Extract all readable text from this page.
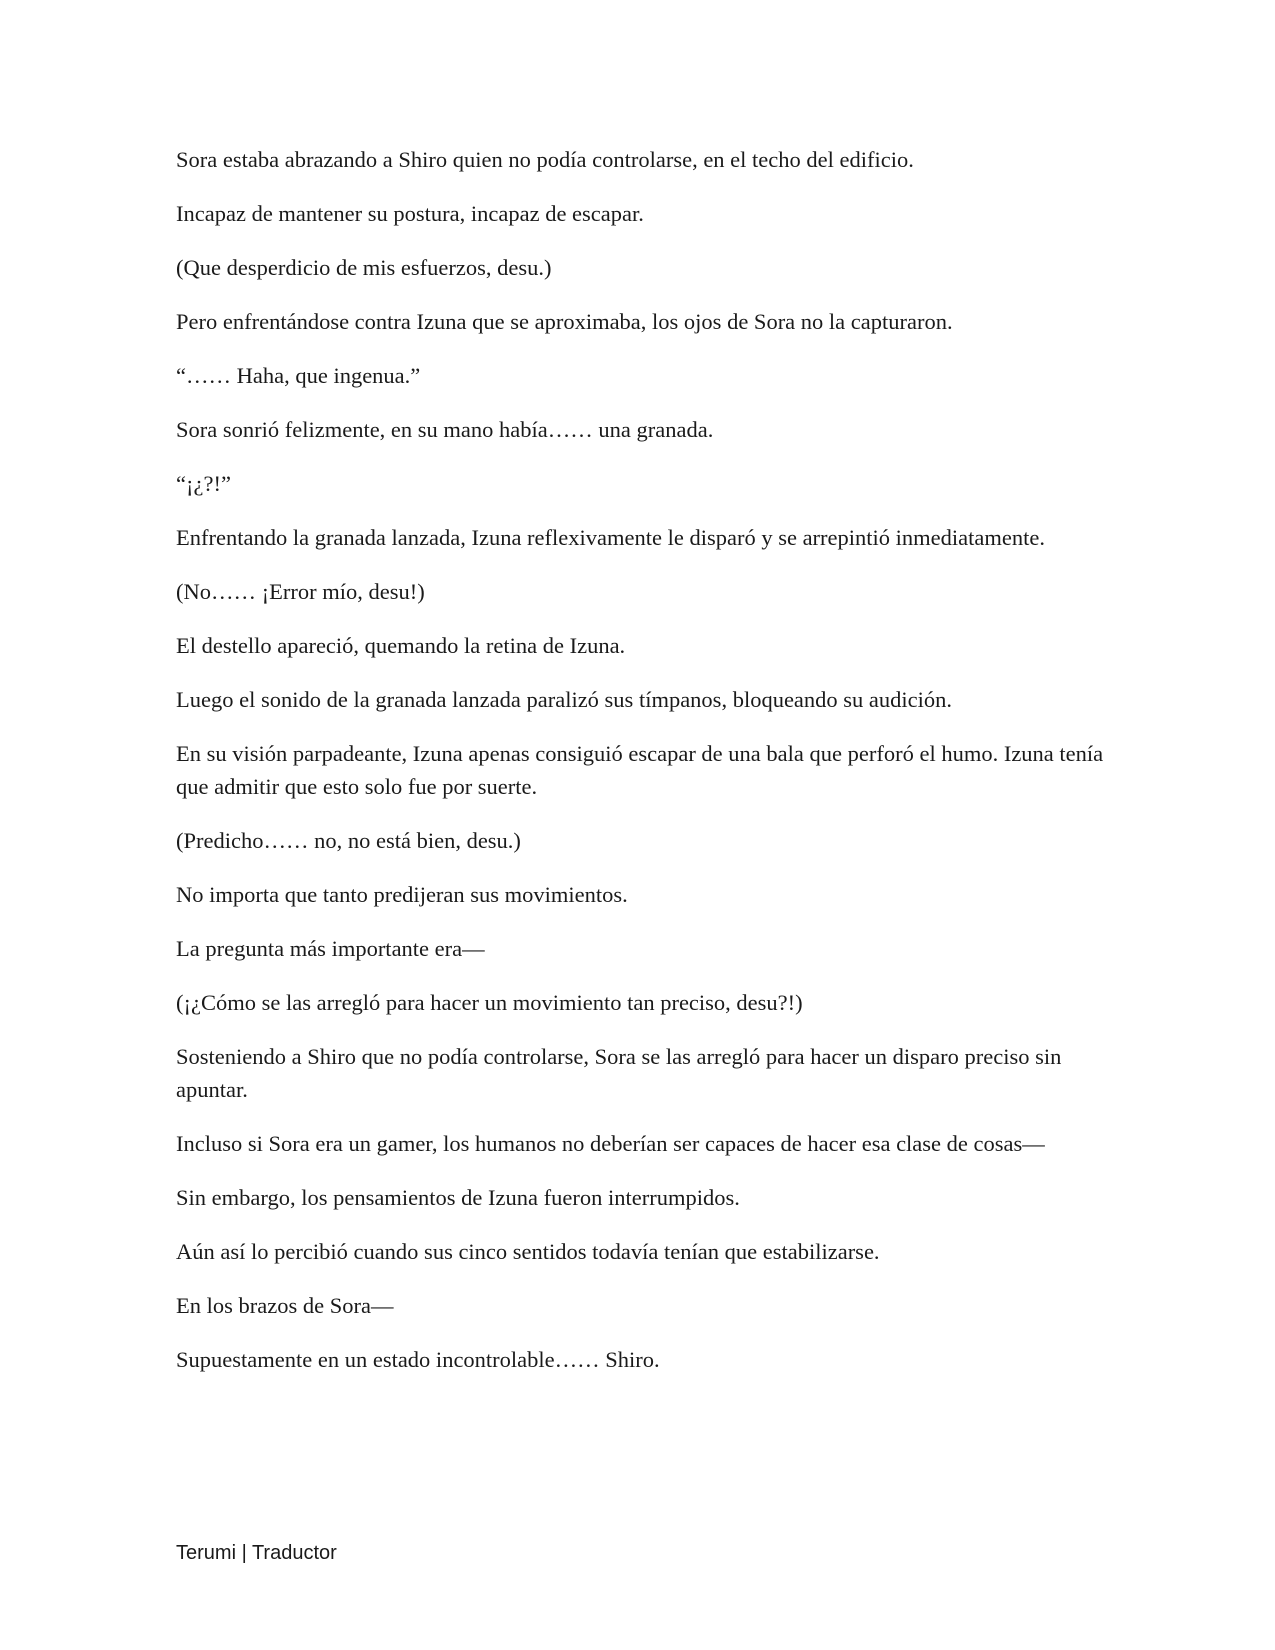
Sora estaba abrazando a Shiro quien no podía controlarse, en el techo del edificio.

Incapaz de mantener su postura, incapaz de escapar.

(Que desperdicio de mis esfuerzos, desu.)

Pero enfrentándose contra Izuna que se aproximaba, los ojos de Sora no la capturaron.

“…… Haha, que ingenua.”

Sora sonrió felizmente, en su mano había…… una granada.

“¡¿?!”

Enfrentando la granada lanzada, Izuna reflexivamente le disparó y se arrepintió inmediatamente.

(No…… ¡Error mío, desu!)

El destello apareció, quemando la retina de Izuna.

Luego el sonido de la granada lanzada paralizó sus tímpanos, bloqueando su audición.

En su visión parpadeante, Izuna apenas consiguió escapar de una bala que perforó el humo. Izuna tenía que admitir que esto solo fue por suerte.

(Predicho…… no, no está bien, desu.)

No importa que tanto predijeran sus movimientos.

La pregunta más importante era—

(¡¿Cómo se las arregló para hacer un movimiento tan preciso, desu?!)

Sosteniendo a Shiro que no podía controlarse, Sora se las arregló para hacer un disparo preciso sin apuntar.

Incluso si Sora era un gamer, los humanos no deberían ser capaces de hacer esa clase de cosas—

Sin embargo, los pensamientos de Izuna fueron interrumpidos.

Aún así lo percibió cuando sus cinco sentidos todavía tenían que estabilizarse.

En los brazos de Sora—

Supuestamente en un estado incontrolable…… Shiro.

Terumi | Traductor
